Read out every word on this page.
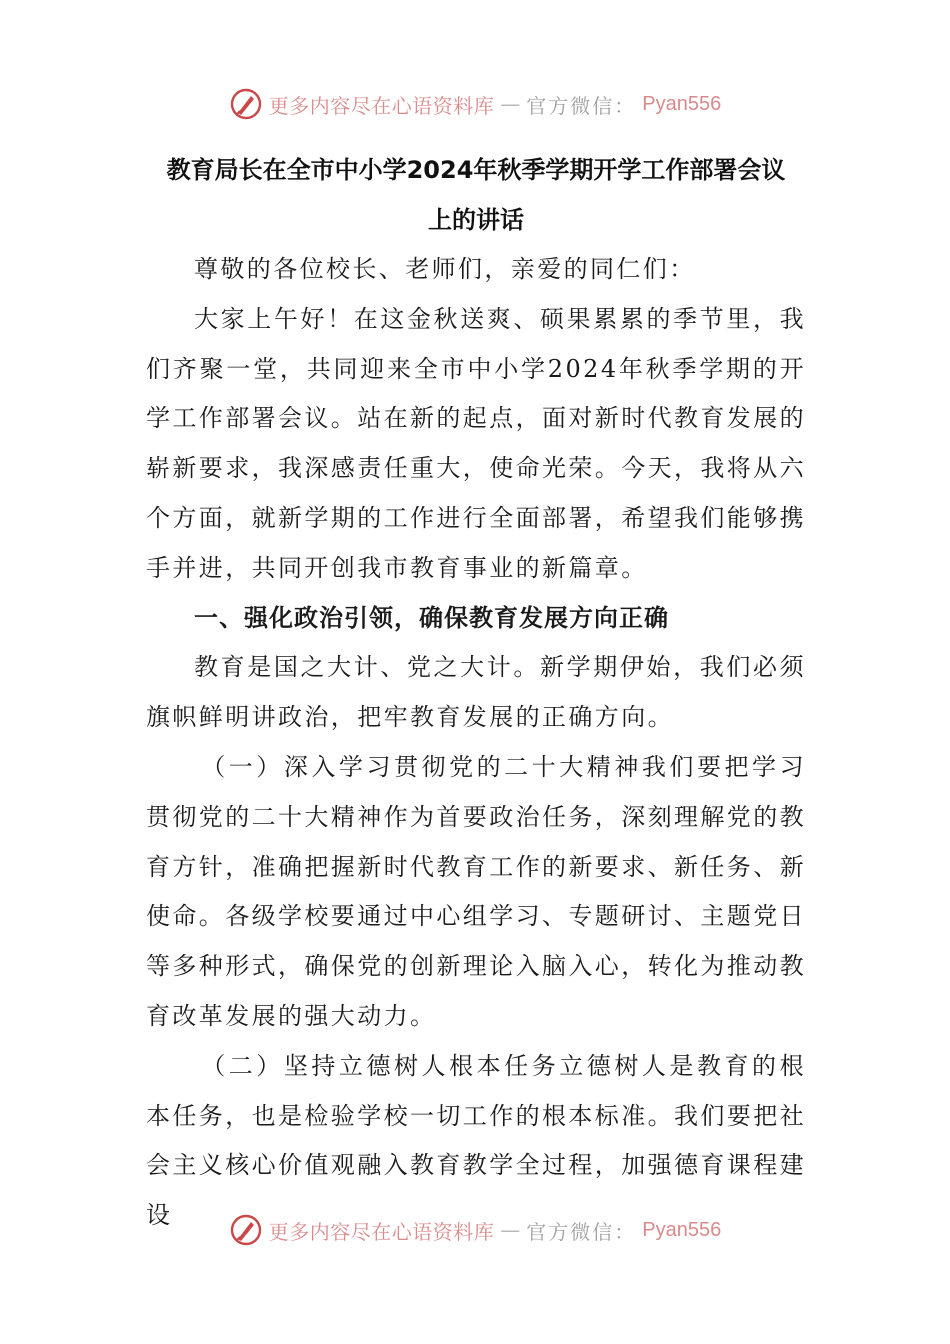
更多内容尽在心语资料库 — 官方微信： Pyan556
教育局长在全市中小学2024年秋季学期开学工作部署会议
上的讲话

尊敬的各位校长、老师们，亲爱的同仁们：

大家上午好！在这金秋送爽、硕果累累的季节里，我们齐聚一堂，共同迎来全市中小学2024年秋季学期的开学工作部署会议。站在新的起点，面对新时代教育发展的崭新要求，我深感责任重大，使命光荣。今天，我将从六个方面，就新学期的工作进行全面部署，希望我们能够携手并进，共同开创我市教育事业的新篇章。

一、强化政治引领，确保教育发展方向正确

教育是国之大计、党之大计。新学期伊始，我们必须旗帜鲜明讲政治，把牢教育发展的正确方向。

（一）深入学习贯彻党的二十大精神我们要把学习贯彻党的二十大精神作为首要政治任务，深刻理解党的教育方针，准确把握新时代教育工作的新要求、新任务、新使命。各级学校要通过中心组学习、专题研讨、主题党日等多种形式，确保党的创新理论入脑入心，转化为推动教育改革发展的强大动力。

（二）坚持立德树人根本任务立德树人是教育的根本任务，也是检验学校一切工作的根本标准。我们要把社会主义核心价值观融入教育教学全过程，加强德育课程建设

更多内容尽在心语资料库 — 官方微信： Pyan556
